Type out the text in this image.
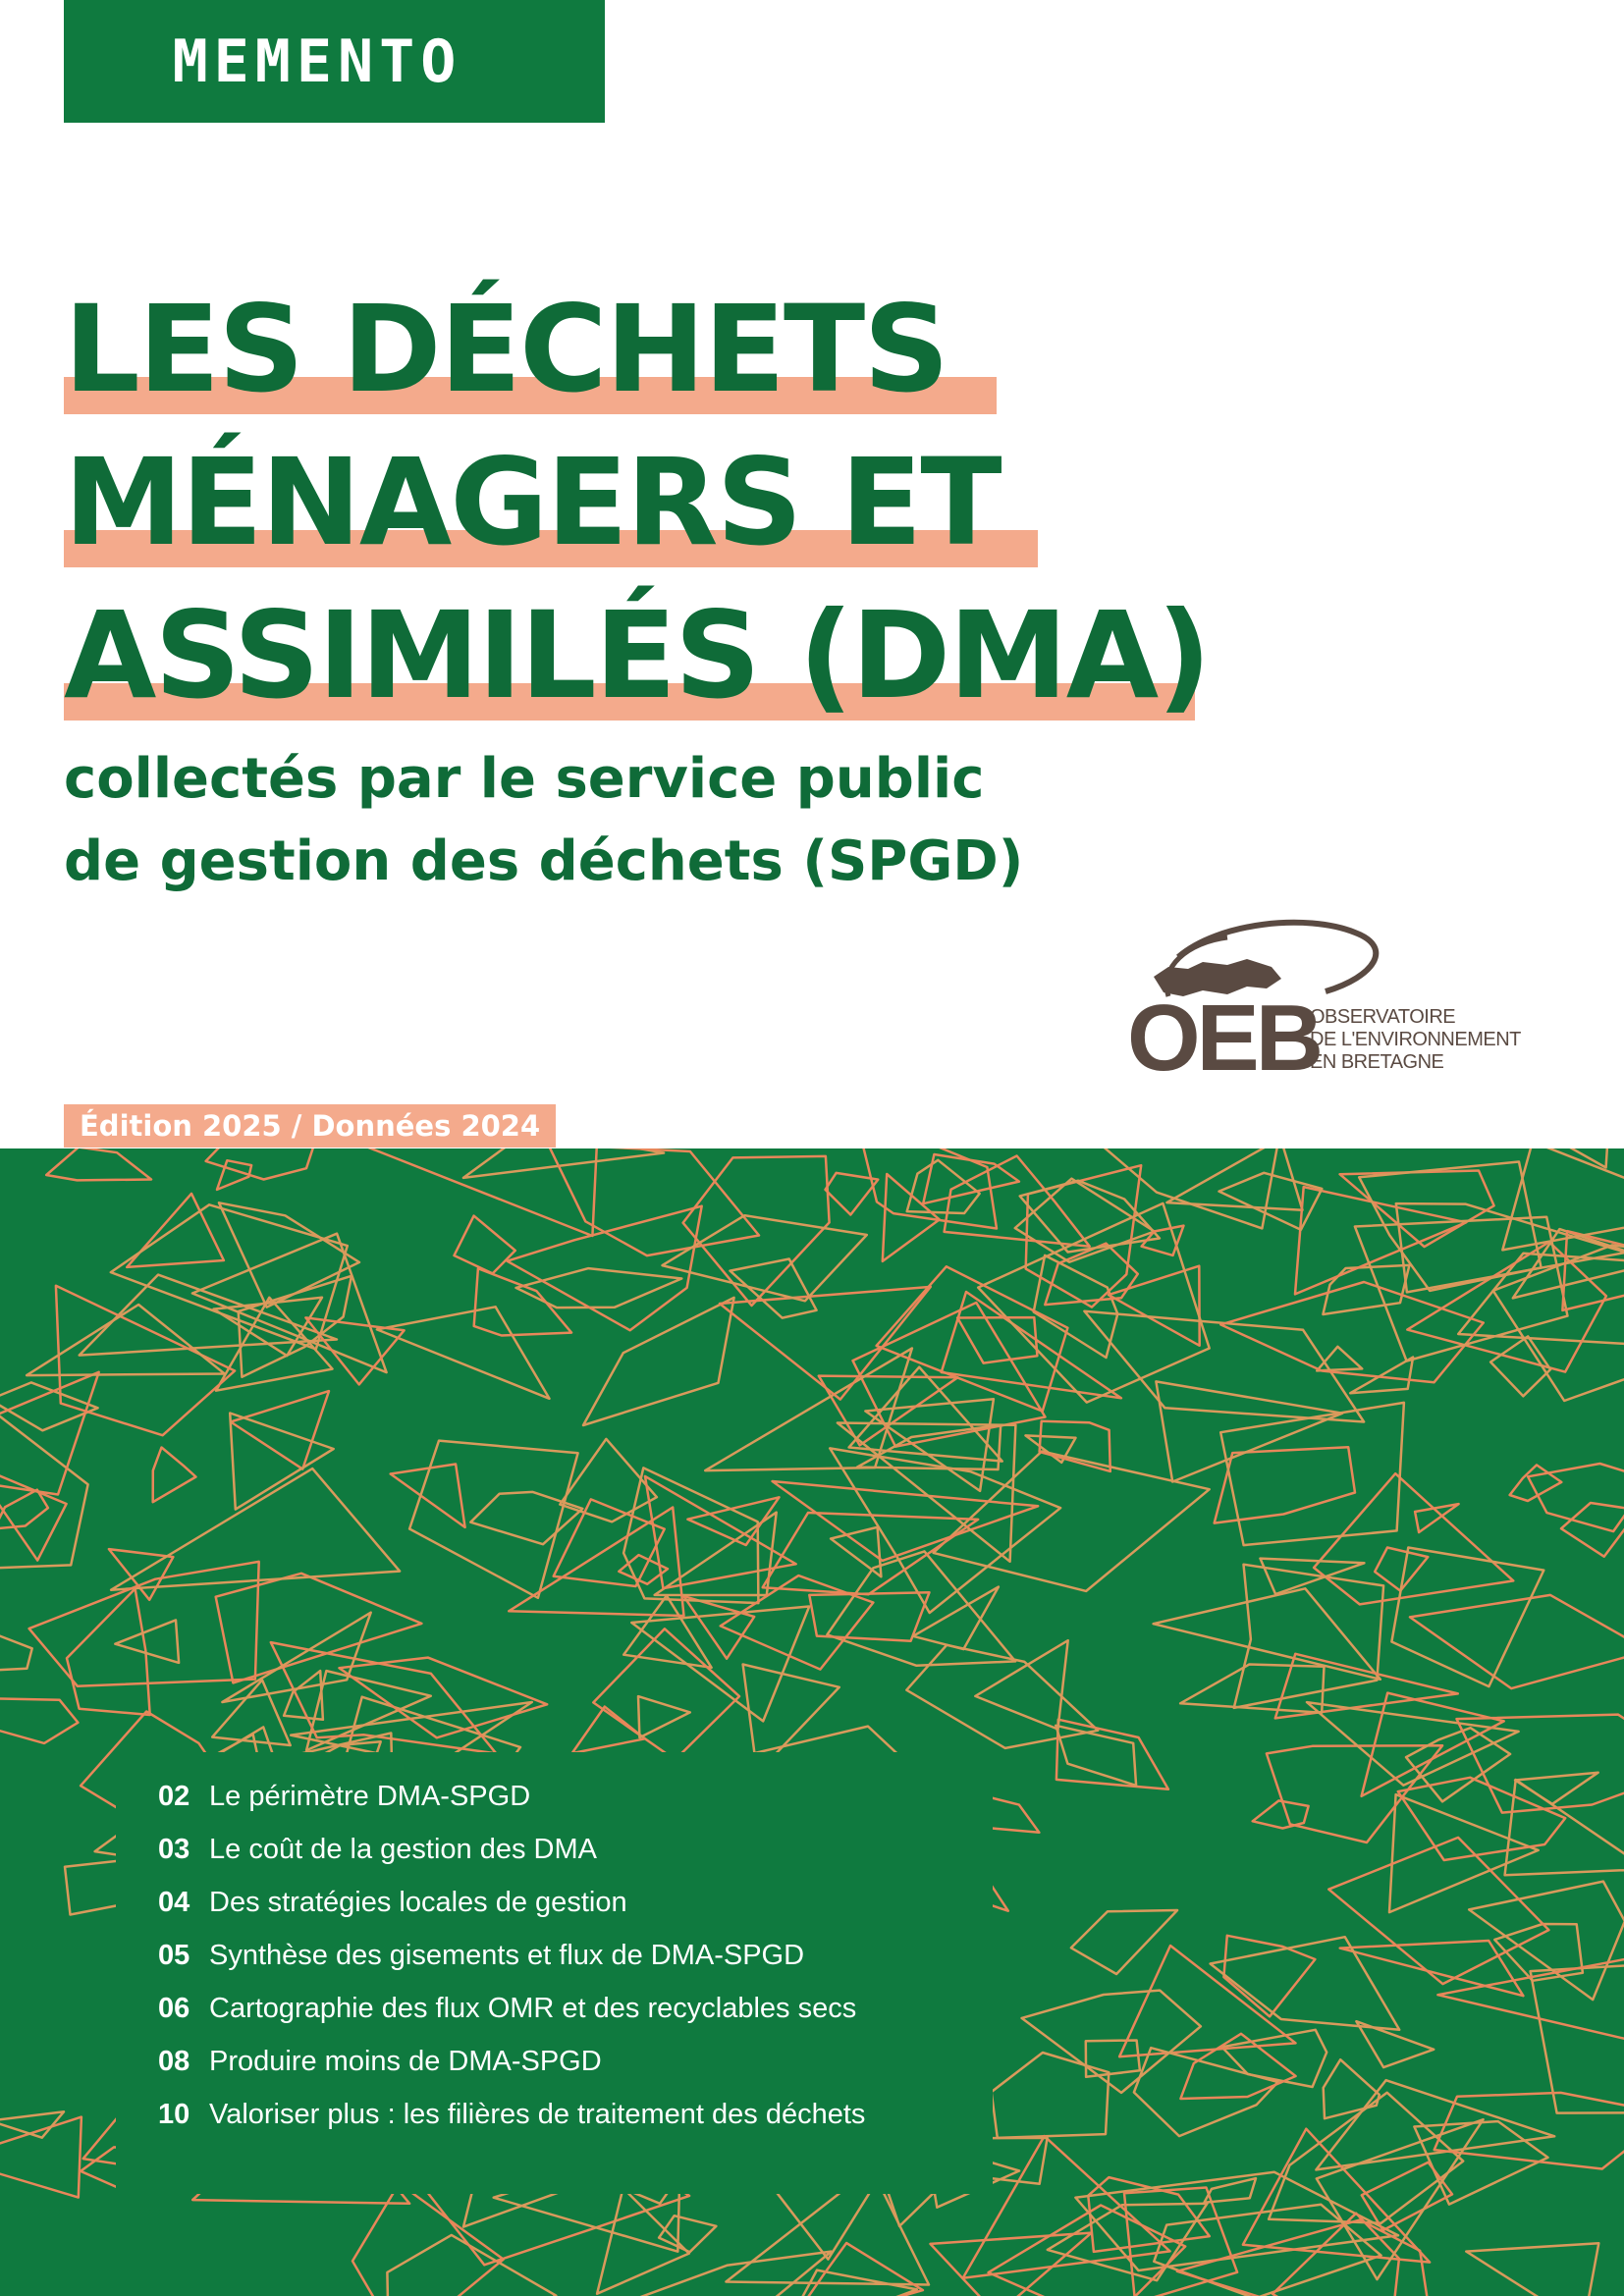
MEMENTO
LES DÉCHETS
MÉNAGERS ET
ASSIMILÉS (DMA)
collectés par le service public
de gestion des déchets (SPGD)
OEB
OBSERVATOIRE
DE L'ENVIRONNEMENT
EN BRETAGNE
Édition 2025 / Données 2024
02 Le périmètre DMA-SPGD
03 Le coût de la gestion des DMA
04 Des stratégies locales de gestion
05 Synthèse des gisements et flux de DMA-SPGD
06 Cartographie des flux OMR et des recyclables secs
08 Produire moins de DMA-SPGD
10 Valoriser plus : les filières de traitement des déchets
